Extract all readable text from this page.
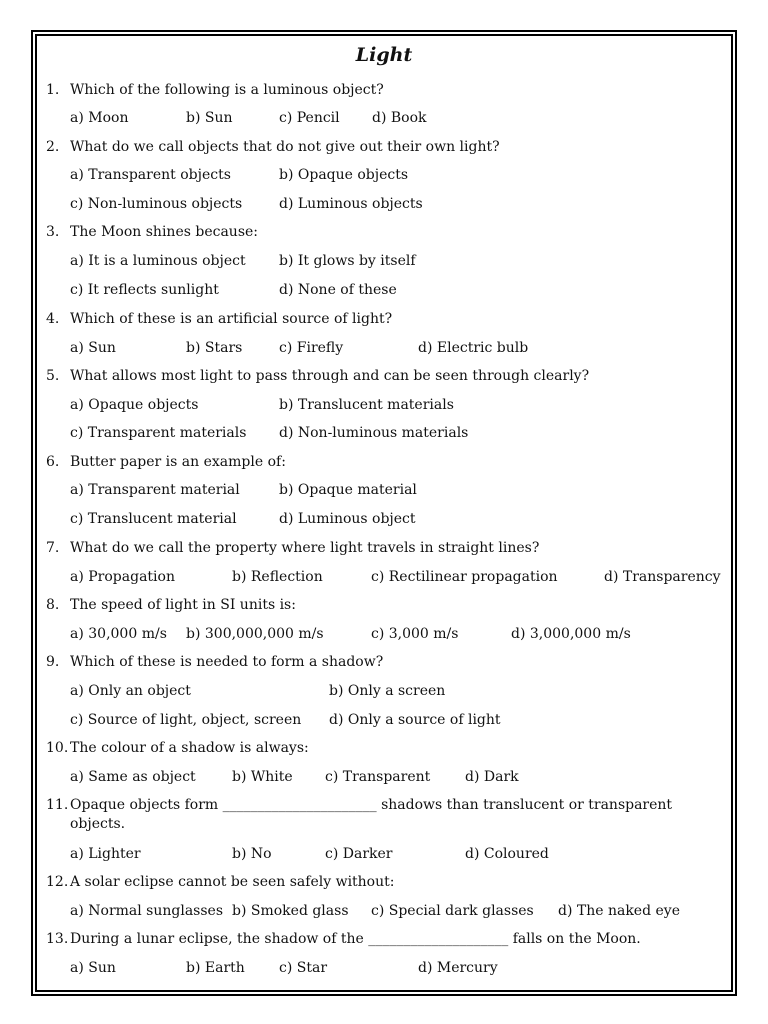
Light
1. Which of the following is a luminous object?
a) Moon	b) Sun	c) Pencil d) Book
2. What do we call objects that do not give out their own light?
a) Transparent objects	b) Opaque objects
c) Non-luminous objects	d) Luminous objects
3. The Moon shines because:
a) It is a luminous object b) It glows by itself
c) It reflects sunlight	d) None of these
4. Which of these is an artificial source of light?
a) Sun	b) Stars	c) Firefly	d) Electric bulb
5. What allows most light to pass through and can be seen through clearly?
a) Opaque objects	b) Translucent materials
c) Transparent materials d) Non-luminous materials
6. Butter paper is an example of:
a) Transparent material	b) Opaque material
c) Translucent material	d) Luminous object
7. What do we call the property where light travels in straight lines?
a) Propagation	b) Reflection	c) Rectilinear propagation	d) Transparency
8. The speed of light in SI units is:
a) 30,000 m/s b) 300,000,000 m/s	c) 3,000 m/s	d) 3,000,000 m/s
9. Which of these is needed to form a shadow?
a) Only an object	b) Only a screen
c) Source of light, object, screen d) Only a source of light
10. The colour of a shadow is always:
a) Same as object	b) White c) Transparent d) Dark
11. Opaque objects form ______________________ shadows than translucent or transparent objects.
a) Lighter	b) No	c) Darker	d) Coloured
12. A solar eclipse cannot be seen safely without:
a) Normal sunglasses b) Smoked glass c) Special dark glasses d) The naked eye
13. During a lunar eclipse, the shadow of the ____________________ falls on the Moon.
a) Sun	b) Earth c) Star	d) Mercury
